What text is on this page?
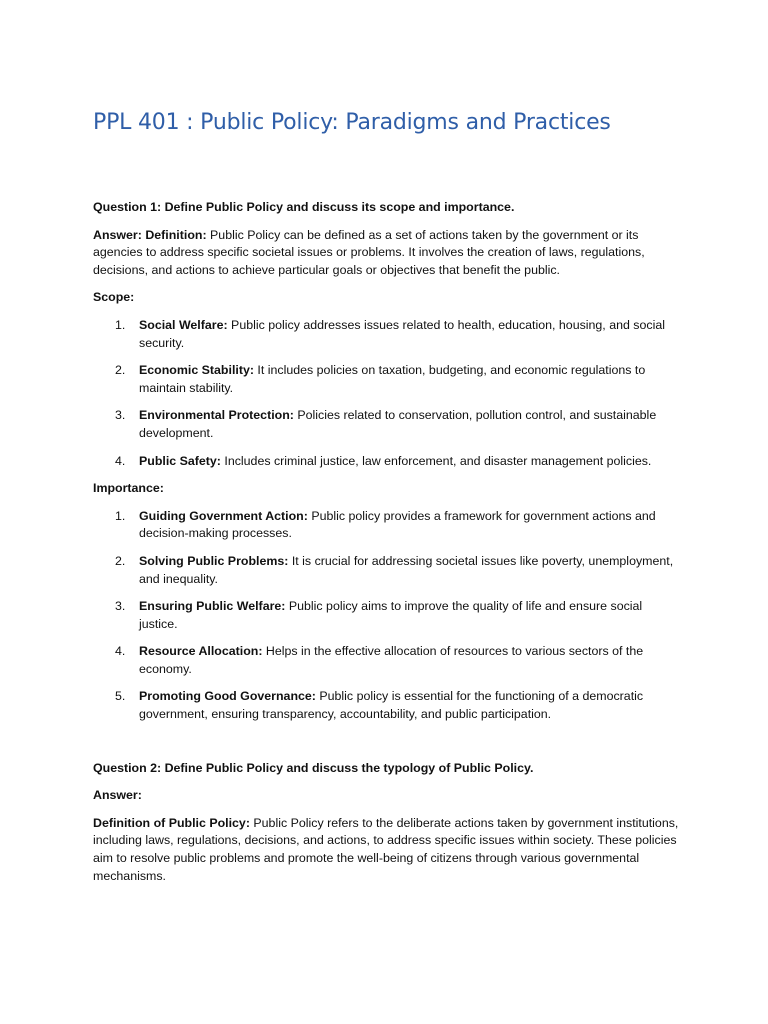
PPL 401 : Public Policy: Paradigms and Practices

Question 1: Define Public Policy and discuss its scope and importance.

Answer: Definition: Public Policy can be defined as a set of actions taken by the government or its agencies to address specific societal issues or problems. It involves the creation of laws, regulations, decisions, and actions to achieve particular goals or objectives that benefit the public.

Scope:

1. Social Welfare: Public policy addresses issues related to health, education, housing, and social security.
2. Economic Stability: It includes policies on taxation, budgeting, and economic regulations to maintain stability.
3. Environmental Protection: Policies related to conservation, pollution control, and sustainable development.
4. Public Safety: Includes criminal justice, law enforcement, and disaster management policies.

Importance:

1. Guiding Government Action: Public policy provides a framework for government actions and decision-making processes.
2. Solving Public Problems: It is crucial for addressing societal issues like poverty, unemployment, and inequality.
3. Ensuring Public Welfare: Public policy aims to improve the quality of life and ensure social justice.
4. Resource Allocation: Helps in the effective allocation of resources to various sectors of the economy.
5. Promoting Good Governance: Public policy is essential for the functioning of a democratic government, ensuring transparency, accountability, and public participation.

Question 2: Define Public Policy and discuss the typology of Public Policy.

Answer:

Definition of Public Policy: Public Policy refers to the deliberate actions taken by government institutions, including laws, regulations, decisions, and actions, to address specific issues within society. These policies aim to resolve public problems and promote the well-being of citizens through various governmental mechanisms.
